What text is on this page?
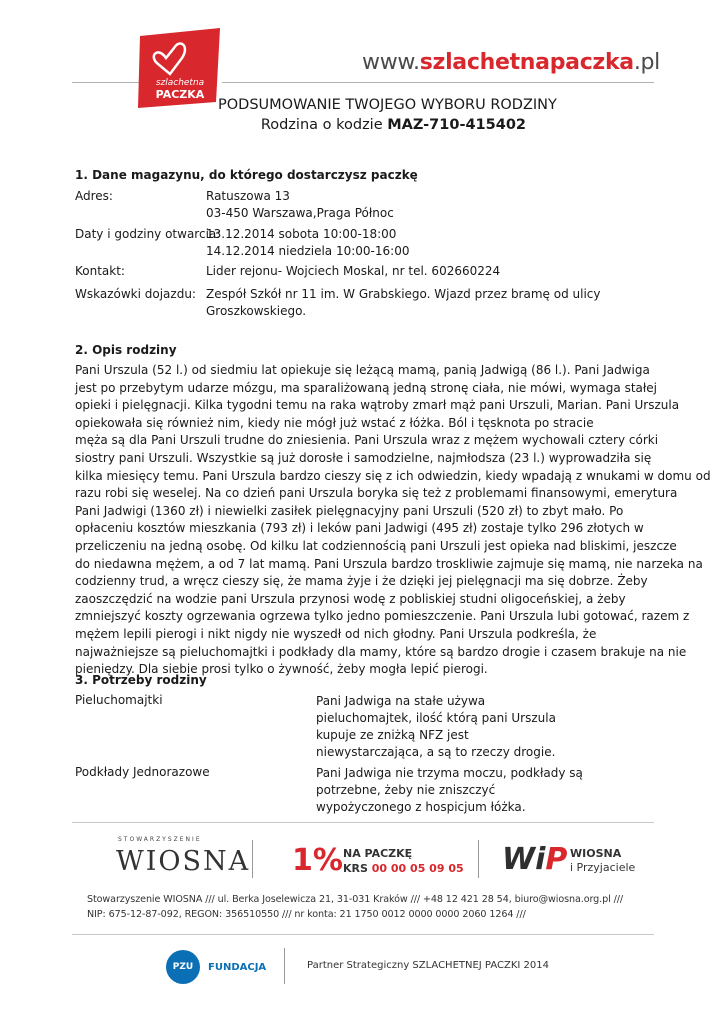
szlachetna
PACZKA
www.szlachetnapaczka.pl
PODSUMOWANIE TWOJEGO WYBORU RODZINY
Rodzina o kodzie MAZ-710-415402
1. Dane magazynu, do którego dostarczysz paczkę
Adres:	Ratuszowa 13
03-450 Warszawa,Praga Północ
Daty i godziny otwarcia:
13.12.2014 sobota 10:00-18:00
14.12.2014 niedziela 10:00-16:00
Kontakt:	Lider rejonu- Wojciech Moskal, nr tel. 602660224
Wskazówki dojazdu: Zespół Szkół nr 11 im. W Grabskiego. Wjazd przez bramę od ulicy
Groszkowskiego.
2. Opis rodziny
Pani Urszula (52 l.) od siedmiu lat opiekuje się leżącą mamą, panią Jadwigą (86 l.). Pani Jadwiga
jest po przebytym udarze mózgu, ma sparaliżowaną jedną stronę ciała, nie mówi, wymaga stałej
opieki i pielęgnacji. Kilka tygodni temu na raka wątroby zmarł mąż pani Urszuli, Marian. Pani Urszula
opiekowała się również nim, kiedy nie mógł już wstać z łóżka. Ból i tęsknota po stracie
męża są dla Pani Urszuli trudne do zniesienia. Pani Urszula wraz z mężem wychowali cztery córki
siostry pani Urszuli. Wszystkie są już dorosłe i samodzielne, najmłodsza (23 l.) wyprowadziła się
kilka miesięcy temu. Pani Urszula bardzo cieszy się z ich odwiedzin, kiedy wpadają z wnukami w domu od
razu robi się weselej. Na co dzień pani Urszula boryka się też z problemami finansowymi, emerytura
Pani Jadwigi (1360 zł) i niewielki zasiłek pielęgnacyjny pani Urszuli (520 zł) to zbyt mało. Po
opłaceniu kosztów mieszkania (793 zł) i leków pani Jadwigi (495 zł) zostaje tylko 296 złotych w
przeliczeniu na jedną osobę. Od kilku lat codziennością pani Urszuli jest opieka nad bliskimi, jeszcze
do niedawna mężem, a od 7 lat mamą. Pani Urszula bardzo troskliwie zajmuje się mamą, nie narzeka na
codzienny trud, a wręcz cieszy się, że mama żyje i że dzięki jej pielęgnacji ma się dobrze. Żeby
zaoszczędzić na wodzie pani Urszula przynosi wodę z pobliskiej studni oligoceńskiej, a żeby
zmniejszyć koszty ogrzewania ogrzewa tylko jedno pomieszczenie. Pani Urszula lubi gotować, razem z
mężem lepili pierogi i nikt nigdy nie wyszedł od nich głodny. Pani Urszula podkreśla, że
najważniejsze są pieluchomajtki i podkłady dla mamy, które są bardzo drogie i czasem brakuje na nie
pieniędzy. Dla siebie prosi tylko o żywność, żeby mogła lepić pierogi.
3. Potrzeby rodziny
Pieluchomajtki	Pani Jadwiga na stałe używa
pieluchomajtek, ilość którą pani Urszula
kupuje ze zniżką NFZ jest
niewystarczająca, a są to rzeczy drogie.
Podkłady Jednorazowe	Pani Jadwiga nie trzyma moczu, podkłady są
potrzebne, żeby nie zniszczyć
wypożyczonego z hospicjum łóżka.
STOWARZYSZENIE
WIOSNA 1% NA PACZKĘ
KRS 00 00 05 09 05 WiP WIOSNA
i Przyjaciele
Stowarzyszenie WIOSNA /// ul. Berka Joselewicza 21, 31-031 Kraków /// +48 12 421 28 54, biuro@wiosna.org.pl ///
NIP: 675-12-87-092, REGON: 356510550 /// nr konta: 21 1750 0012 0000 0000 2060 1264 ///
PZU	FUNDACJA	Partner Strategiczny SZLACHETNEJ PACZKI 2014
